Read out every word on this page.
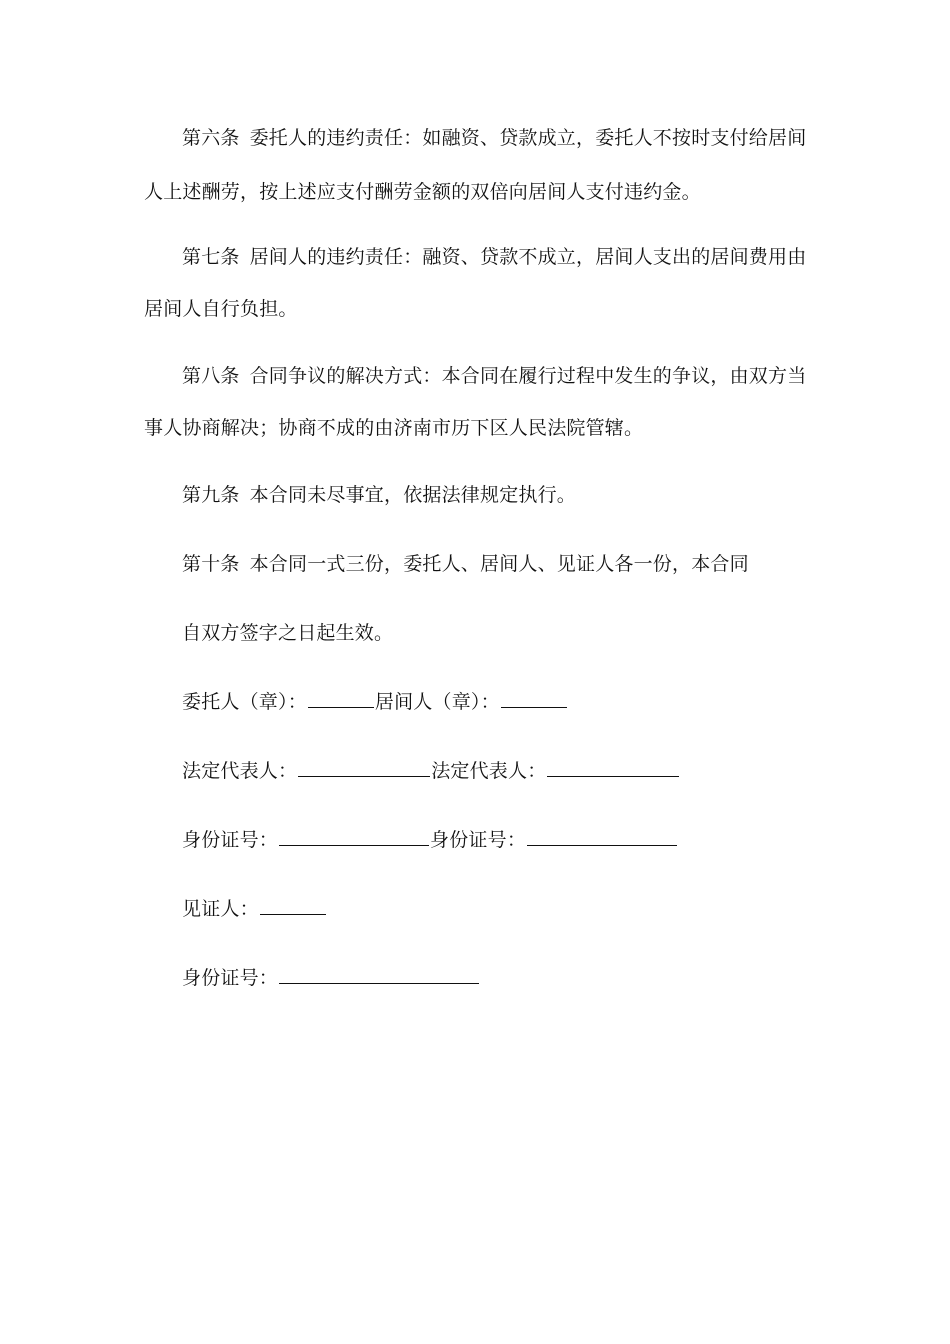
第六条 委托人的违约责任：如融资、贷款成立，委托人不按时支付给居间
人上述酬劳，按上述应支付酬劳金额的双倍向居间人支付违约金。
第七条 居间人的违约责任：融资、贷款不成立，居间人支出的居间费用由
居间人自行负担。
第八条 合同争议的解决方式：本合同在履行过程中发生的争议，由双方当
事人协商解决；协商不成的由济南市历下区人民法院管辖。
第九条 本合同未尽事宜，依据法律规定执行。
第十条 本合同一式三份，委托人、居间人、见证人各一份，本合同
自双方签字之日起生效。
委托人（章）：	居间人（章）：
法定代表人：	法定代表人：
身份证号：	身份证号：
见证人：
身份证号：
